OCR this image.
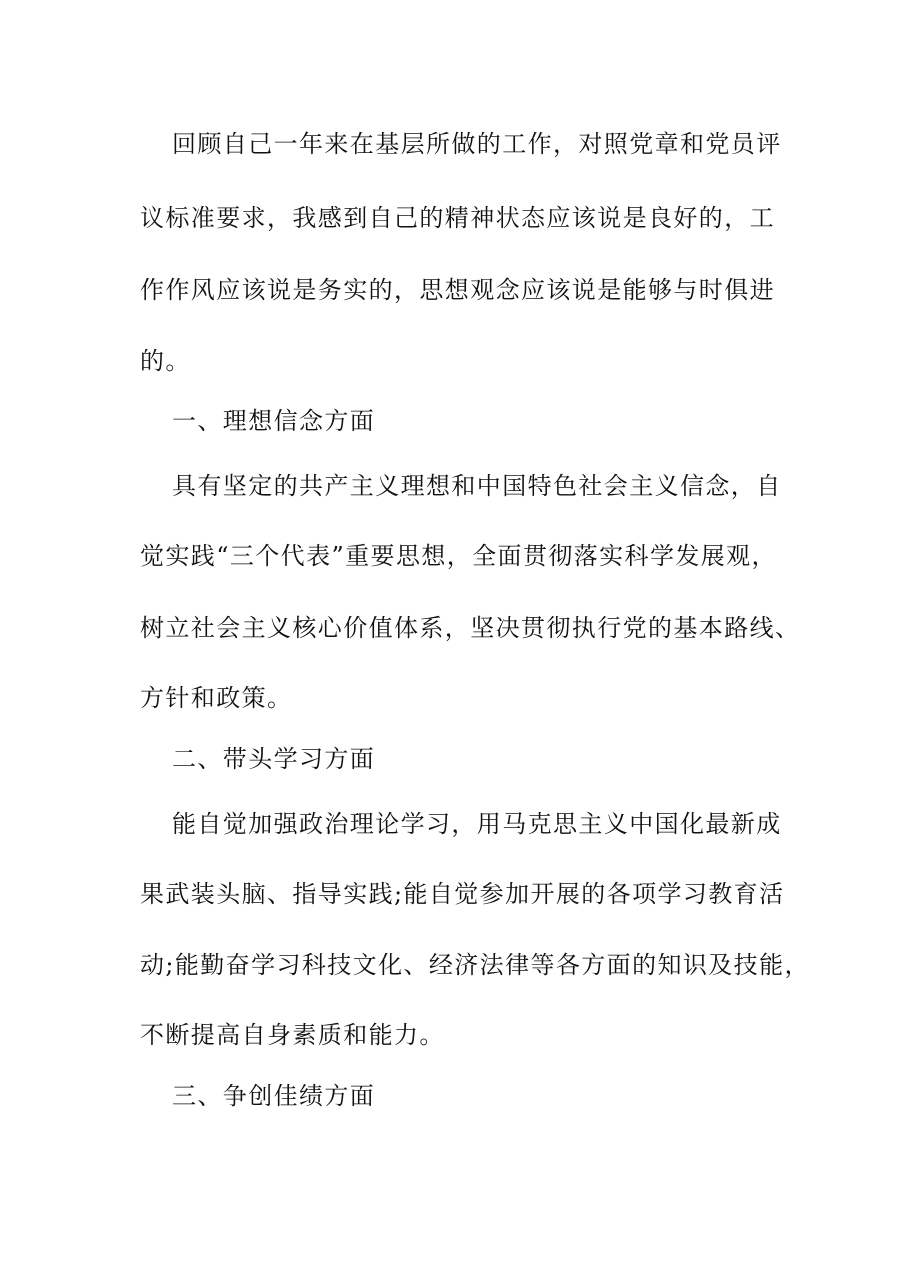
回顾自己一年来在基层所做的工作，对照党章和党员评
议标准要求，我感到自己的精神状态应该说是良好的，工
作作风应该说是务实的，思想观念应该说是能够与时俱进
的。
一、理想信念方面
具有坚定的共产主义理想和中国特色社会主义信念，自
觉实践“三个代表”重要思想，全面贯彻落实科学发展观，
树立社会主义核心价值体系，坚决贯彻执行党的基本路线、
方针和政策。
二、带头学习方面
能自觉加强政治理论学习，用马克思主义中国化最新成
果武装头脑、指导实践;能自觉参加开展的各项学习教育活
动;能勤奋学习科技文化、经济法律等各方面的知识及技能，
不断提高自身素质和能力。
三、争创佳绩方面
